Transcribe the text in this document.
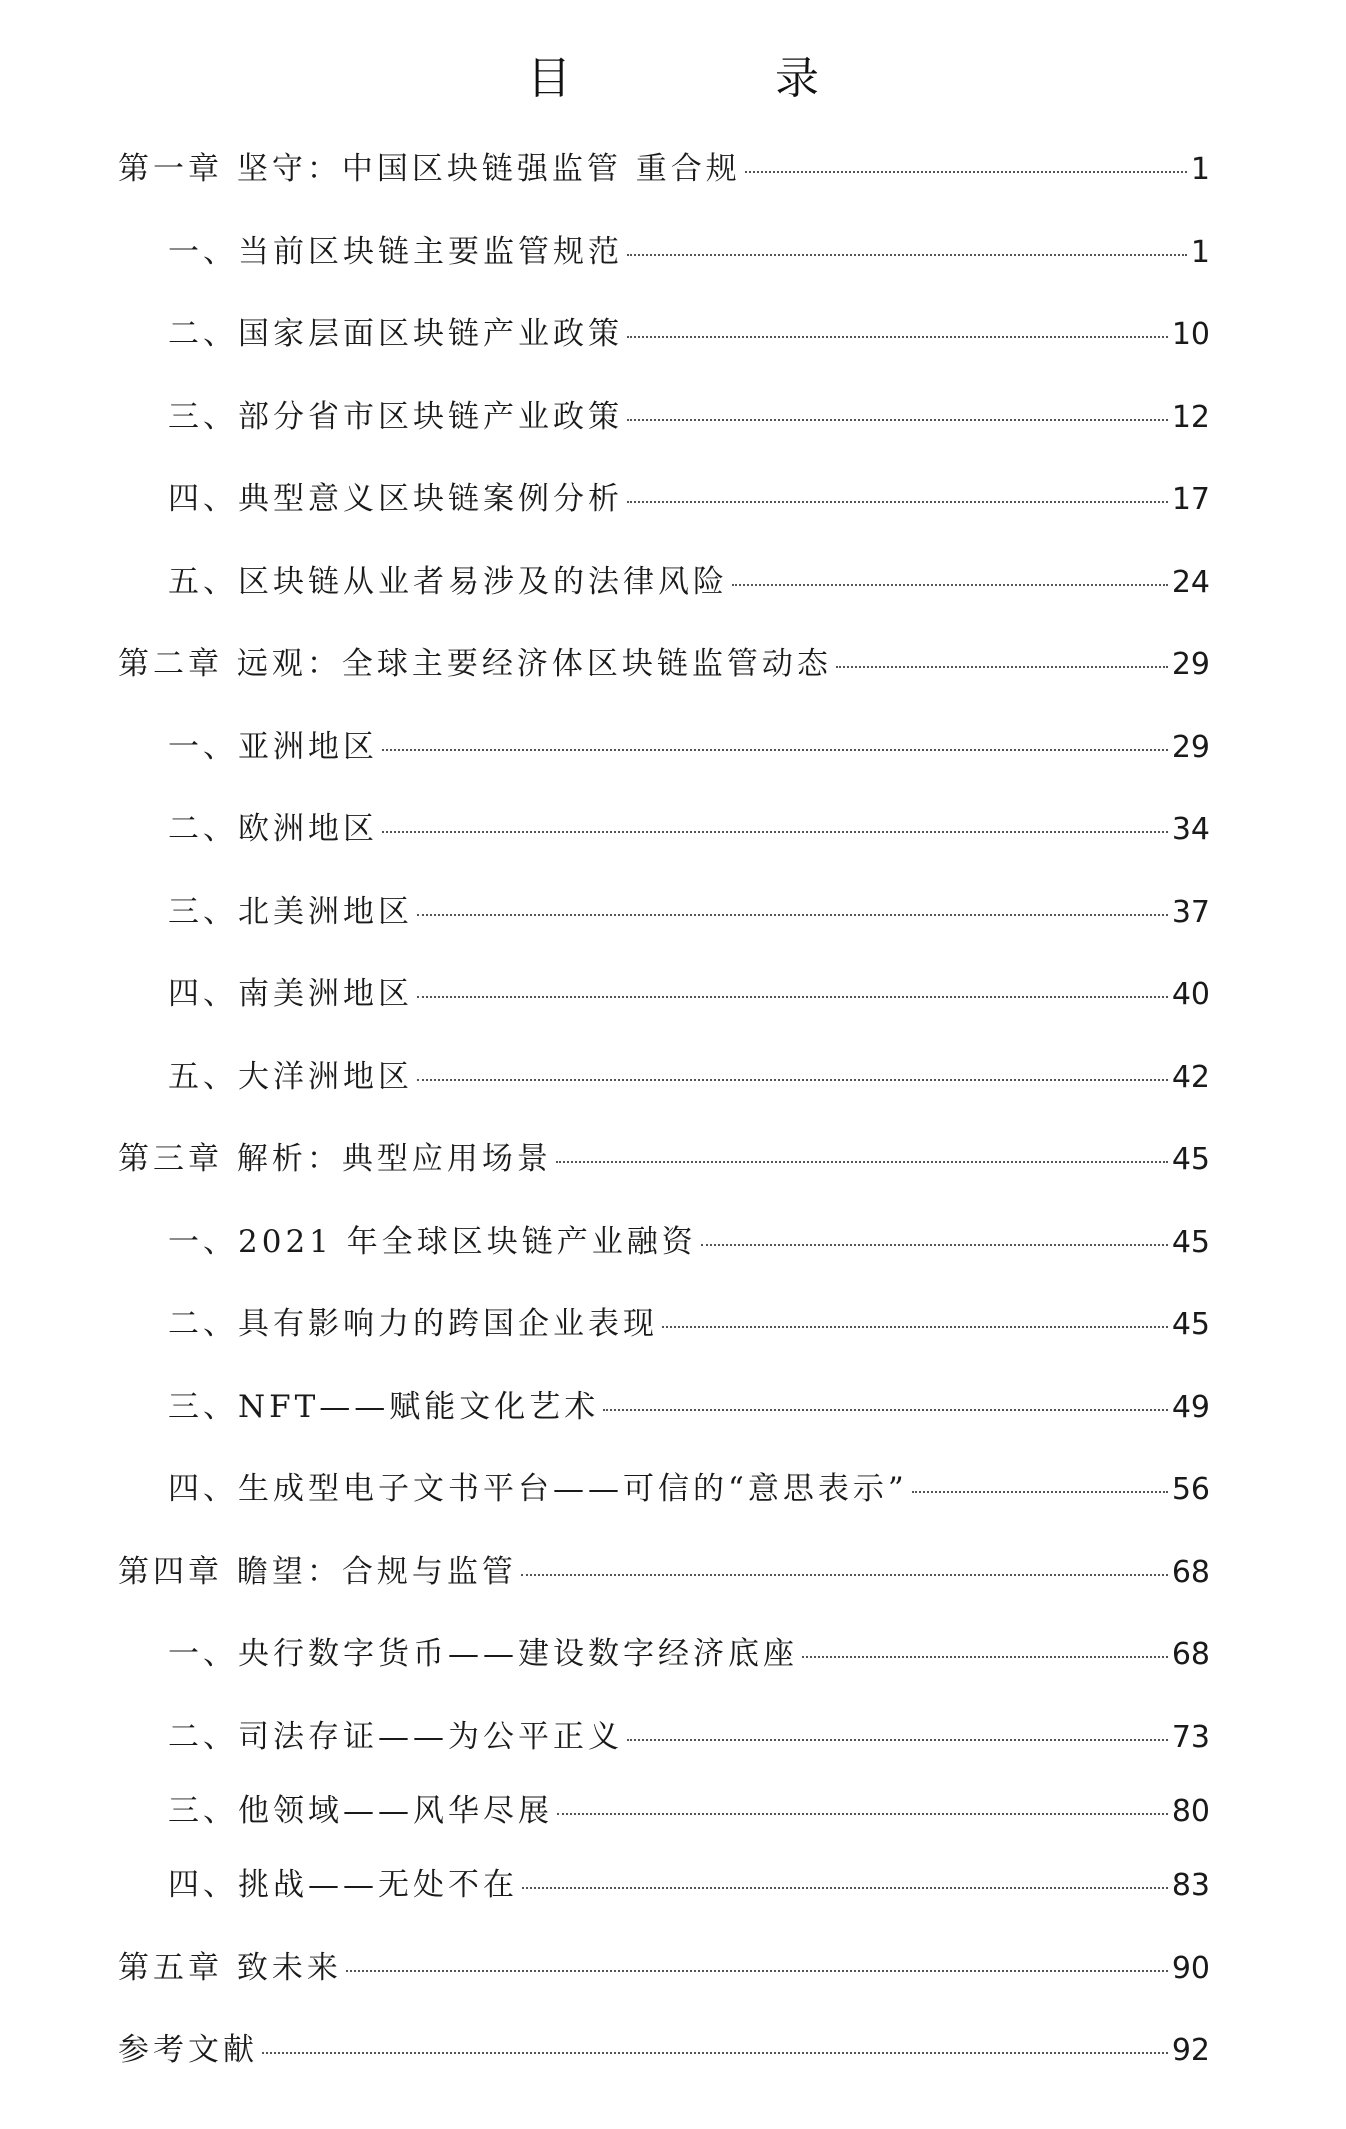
目　录
第一章 坚守：中国区块链强监管 重合规	1
一、当前区块链主要监管规范	1
二、国家层面区块链产业政策	10
三、部分省市区块链产业政策	12
四、典型意义区块链案例分析	17
五、区块链从业者易涉及的法律风险	24
第二章 远观：全球主要经济体区块链监管动态	29
一、亚洲地区	29
二、欧洲地区	34
三、北美洲地区	37
四、南美洲地区	40
五、大洋洲地区	42
第三章 解析：典型应用场景	45
一、2021 年全球区块链产业融资	45
二、具有影响力的跨国企业表现	45
三、NFT——赋能文化艺术	49
四、生成型电子文书平台——可信的“意思表示”	56
第四章 瞻望：合规与监管	68
一、央行数字货币——建设数字经济底座	68
二、司法存证——为公平正义	73
三、他领域——风华尽展	80
四、挑战——无处不在	83
第五章 致未来	90
参考文献	92
